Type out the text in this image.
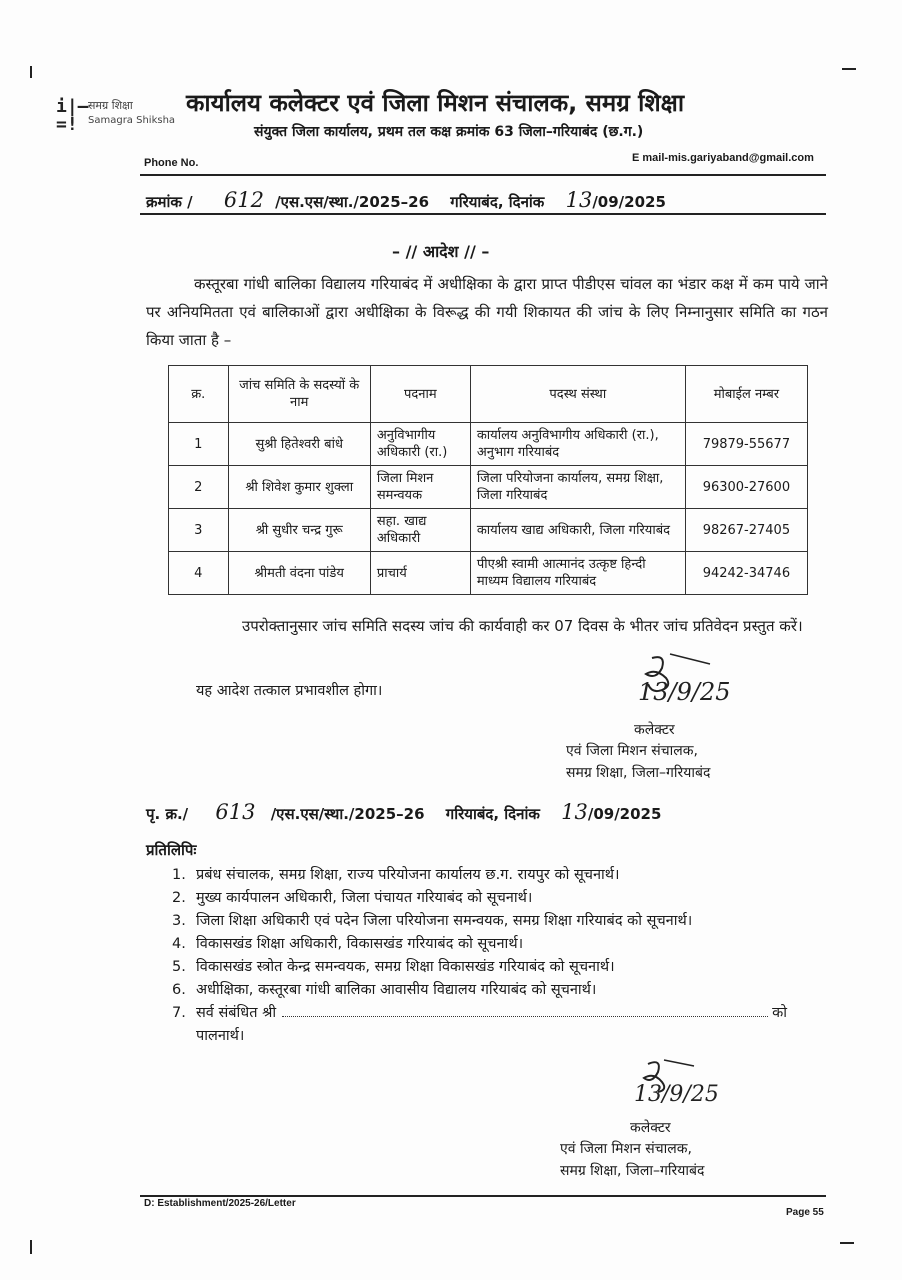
i|–
=!
समग्र शिक्षा
Samagra Shiksha
कार्यालय कलेक्टर एवं जिला मिशन संचालक, समग्र शिक्षा
संयुक्त जिला कार्यालय, प्रथम तल कक्ष क्रमांक 63 जिला–गरियाबंद (छ.ग.)
Phone No.	E mail-mis.gariyaband@gmail.com
क्रमांक / 612 /एस.एस/स्था./2025–26 गरियाबंद, दिनांक 13/09/2025
– // आदेश // –
कस्तूरबा गांधी बालिका विद्यालय गरियाबंद में अधीक्षिका के द्वारा प्राप्त पीडीएस चांवल का भंडार कक्ष में कम पाये जाने पर अनियमितता एवं बालिकाओं द्वारा अधीक्षिका के विरूद्ध की गयी शिकायत की जांच के लिए निम्नानुसार समिति का गठन किया जाता है –
क्र.	जांच समिति के सदस्यों के नाम	पदनाम	पदस्थ संस्था	मोबाईल नम्बर
1	सुश्री हितेश्वरी बांधे	अनुविभागीय अधिकारी (रा.)	कार्यालय अनुविभागीय अधिकारी (रा.), अनुभाग गरियाबंद	79879-55677
2	श्री शिवेश कुमार शुक्ला	जिला मिशन समन्वयक	जिला परियोजना कार्यालय, समग्र शिक्षा, जिला गरियाबंद	96300-27600
3	श्री सुधीर चन्द्र गुरू	सहा. खाद्य अधिकारी	कार्यालय खाद्य अधिकारी, जिला गरियाबंद	98267-27405
4	श्रीमती वंदना पांडेय	प्राचार्य	पीएश्री स्वामी आत्मानंद उत्कृष्ट हिन्दी माध्यम विद्यालय गरियाबंद	94242-34746
उपरोक्तानुसार जांच समिति सदस्य जांच की कार्यवाही कर 07 दिवस के भीतर जांच प्रतिवेदन प्रस्तुत करें।
यह आदेश तत्काल प्रभावशील होगा।	13/9/25
कलेक्टर
एवं जिला मिशन संचालक,
समग्र शिक्षा, जिला–गरियाबंद
पृ. क्र./ 613 /एस.एस/स्था./2025–26 गरियाबंद, दिनांक 13/09/2025
प्रतिलिपिः
1. प्रबंध संचालक, समग्र शिक्षा, राज्य परियोजना कार्यालय छ.ग. रायपुर को सूचनार्थ।
2. मुख्य कार्यपालन अधिकारी, जिला पंचायत गरियाबंद को सूचनार्थ।
3. जिला शिक्षा अधिकारी एवं पदेन जिला परियोजना समन्वयक, समग्र शिक्षा गरियाबंद को सूचनार्थ।
4. विकासखंड शिक्षा अधिकारी, विकासखंड गरियाबंद को सूचनार्थ।
5. विकासखंड स्त्रोत केन्द्र समन्वयक, समग्र शिक्षा विकासखंड गरियाबंद को सूचनार्थ।
6. अधीक्षिका, कस्तूरबा गांधी बालिका आवासीय विद्यालय गरियाबंद को सूचनार्थ।
7. सर्व संबंधित श्री	को
पालनार्थ।
13/9/25
कलेक्टर
एवं जिला मिशन संचालक,
समग्र शिक्षा, जिला–गरियाबंद
D: Establishment/2025-26/Letter
Page 55
